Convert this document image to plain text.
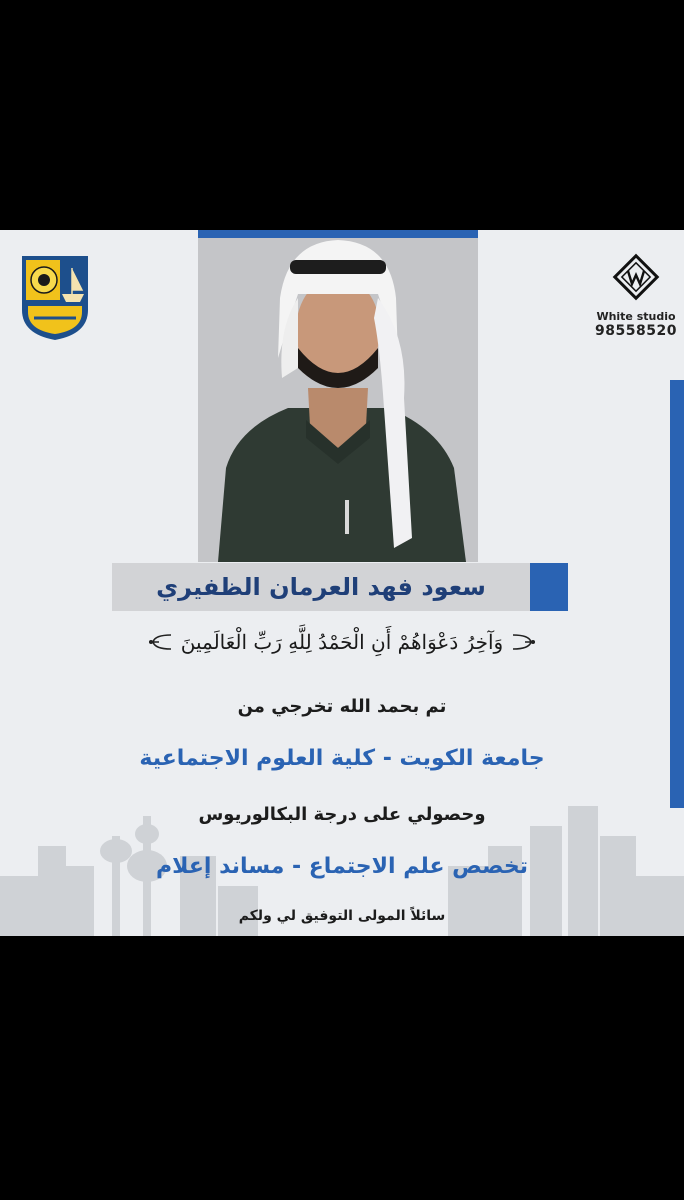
White studio
98558520
سعود فهد العرمان الظفيري
وَآخِرُ دَعْوَاهُمْ أَنِ الْحَمْدُ لِلَّهِ رَبِّ الْعَالَمِينَ
تم بحمد الله تخرجي من
جامعة الكويت - كلية العلوم الاجتماعية
وحصولي على درجة البكالوريوس
تخصص علم الاجتماع - مساند إعلام
سائلاً المولى التوفيق لي ولكم
